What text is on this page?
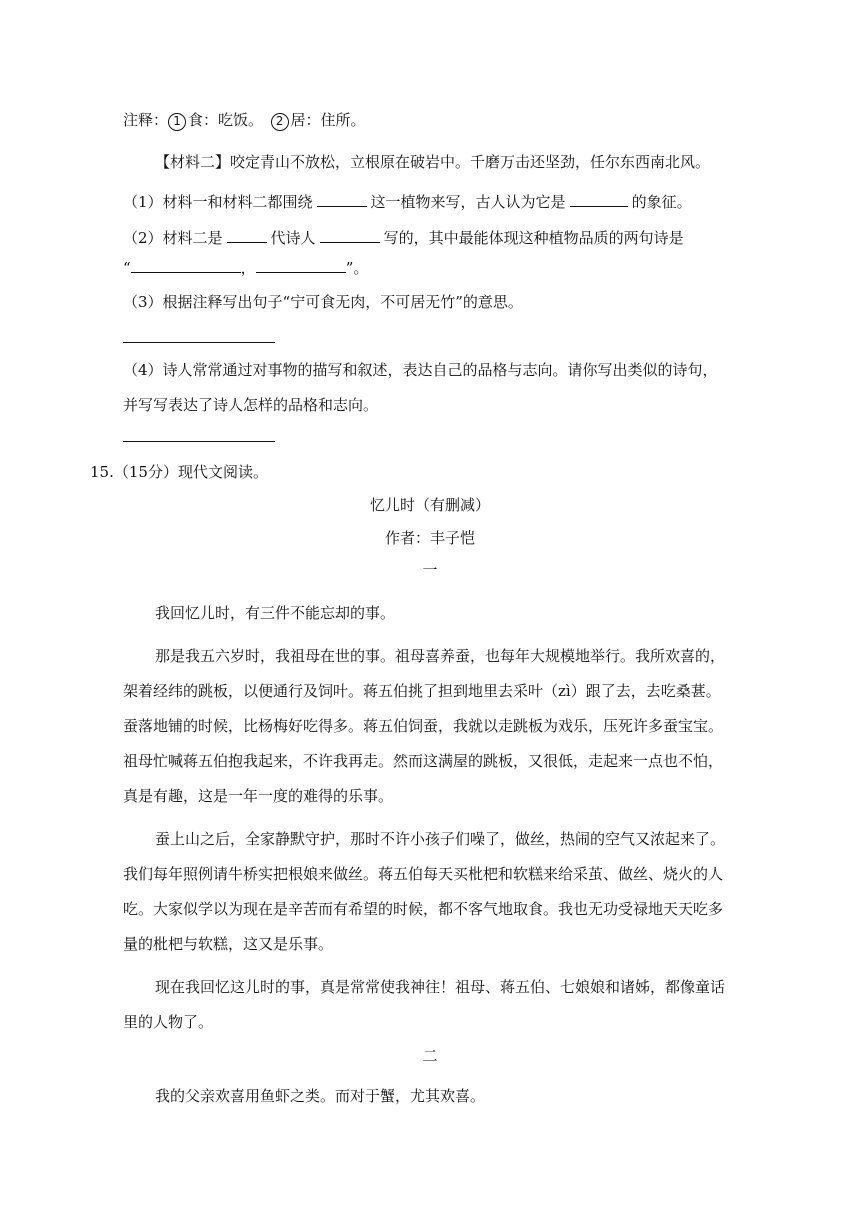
注释： 1 食：吃饭。　 2 居：住所。
【材料二】咬定青山不放松，立根原在破岩中。千磨万击还坚劲，任尔东西南北风。
（1）材料一和材料二都围绕	这一植物来写，古人认为它是	的象征。
（2）材料二是	代诗人	写的，其中最能体现这种植物品质的两句诗是
“	，	”。
（3）根据注释写出句子“宁可食无肉，不可居无竹”的意思。
（4）诗人常常通过对事物的描写和叙述，表达自己的品格与志向。请你写出类似的诗句，
并写写表达了诗人怎样的品格和志向。
15.（15分）现代文阅读。
忆儿时（有删减）
作者：丰子恺
一
我回忆儿时，有三件不能忘却的事。
那是我五六岁时，我祖母在世的事。祖母喜养蚕，也每年大规模地举行。我所欢喜的，
架着经纬的跳板，以便通行及饲叶。蒋五伯挑了担到地里去采叶（zì）跟了去，去吃桑葚。
蚕落地铺的时候，比杨梅好吃得多。蒋五伯饲蚕，我就以走跳板为戏乐，压死许多蚕宝宝。
祖母忙喊蒋五伯抱我起来，不许我再走。然而这满屋的跳板，又很低，走起来一点也不怕，
真是有趣，这是一年一度的难得的乐事。
蚕上山之后，全家静默守护，那时不许小孩子们噪了，做丝，热闹的空气又浓起来了。
我们每年照例请牛桥实把根娘来做丝。蒋五伯每天买枇杷和软糕来给采茧、做丝、烧火的人
吃。大家似学以为现在是辛苦而有希望的时候，都不客气地取食。我也无功受禄地天天吃多
量的枇杷与软糕，这又是乐事。
现在我回忆这儿时的事，真是常常使我神往！祖母、蒋五伯、七娘娘和诸姊，都像童话
里的人物了。
二
我的父亲欢喜用鱼虾之类。而对于蟹，尤其欢喜。
